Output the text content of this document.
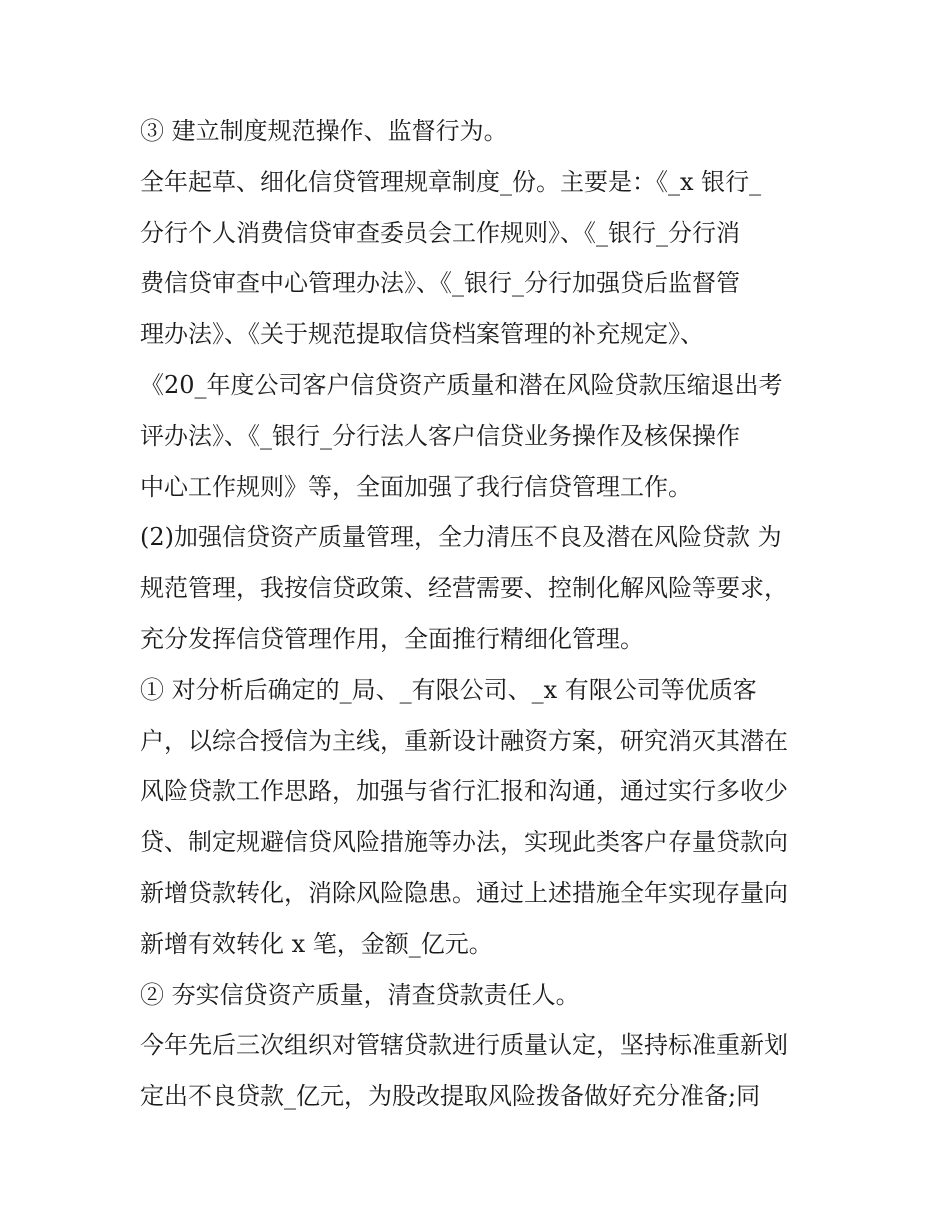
③ 建立制度规范操作、监督行为。
全年起草、细化信贷管理规章制度_份。主要是：《_x 银行_
分行个人消费信贷审查委员会工作规则》、《_银行_分行消
费信贷审查中心管理办法》、《_银行_分行加强贷后监督管
理办法》、《关于规范提取信贷档案管理的补充规定》、
《20_年度公司客户信贷资产质量和潜在风险贷款压缩退出考
评办法》、《_银行_分行法人客户信贷业务操作及核保操作
中心工作规则》等，全面加强了我行信贷管理工作。
(2)加强信贷资产质量管理，全力清压不良及潜在风险贷款 为
规范管理，我按信贷政策、经营需要、控制化解风险等要求，
充分发挥信贷管理作用，全面推行精细化管理。
① 对分析后确定的_局、_有限公司、_x 有限公司等优质客
户，以综合授信为主线，重新设计融资方案，研究消灭其潜在
风险贷款工作思路，加强与省行汇报和沟通，通过实行多收少
贷、制定规避信贷风险措施等办法，实现此类客户存量贷款向
新增贷款转化，消除风险隐患。通过上述措施全年实现存量向
新增有效转化 x 笔，金额_亿元。
② 夯实信贷资产质量，清查贷款责任人。
今年先后三次组织对管辖贷款进行质量认定，坚持标准重新划
定出不良贷款_亿元，为股改提取风险拨备做好充分准备;同
